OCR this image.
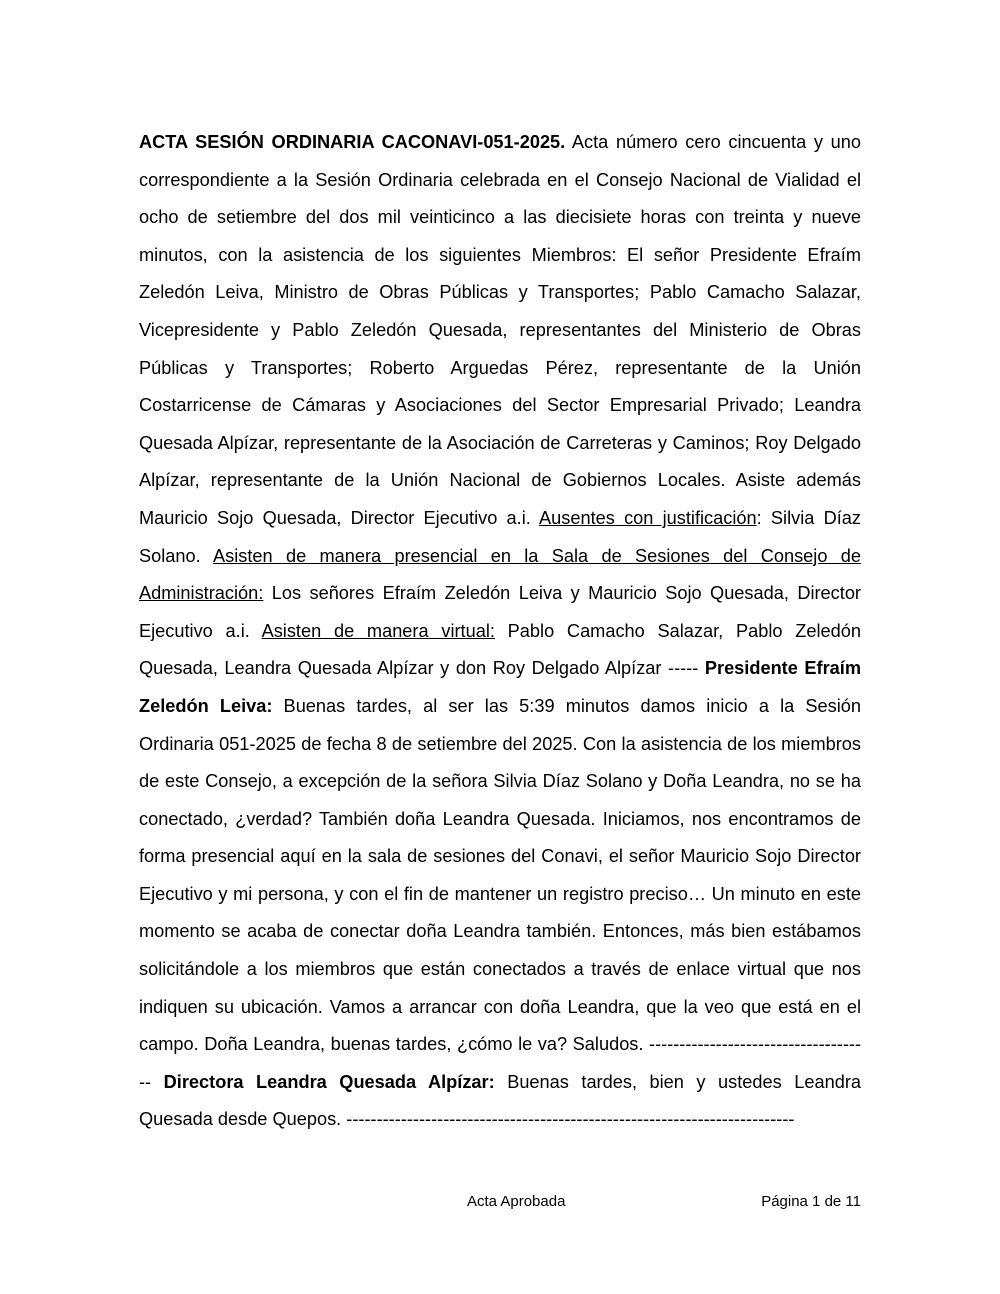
ACTA SESIÓN ORDINARIA CACONAVI-051-2025. Acta número cero cincuenta y uno correspondiente a la Sesión Ordinaria celebrada en el Consejo Nacional de Vialidad el ocho de setiembre del dos mil veinticinco a las diecisiete horas con treinta y nueve minutos, con la asistencia de los siguientes Miembros: El señor Presidente Efraím Zeledón Leiva, Ministro de Obras Públicas y Transportes; Pablo Camacho Salazar, Vicepresidente y Pablo Zeledón Quesada, representantes del Ministerio de Obras Públicas y Transportes; Roberto Arguedas Pérez, representante de la Unión Costarricense de Cámaras y Asociaciones del Sector Empresarial Privado; Leandra Quesada Alpízar, representante de la Asociación de Carreteras y Caminos; Roy Delgado Alpízar, representante de la Unión Nacional de Gobiernos Locales. Asiste además Mauricio Sojo Quesada, Director Ejecutivo a.i. Ausentes con justificación: Silvia Díaz Solano. Asisten de manera presencial en la Sala de Sesiones del Consejo de Administración: Los señores Efraím Zeledón Leiva y Mauricio Sojo Quesada, Director Ejecutivo a.i. Asisten de manera virtual: Pablo Camacho Salazar, Pablo Zeledón Quesada, Leandra Quesada Alpízar y don Roy Delgado Alpízar ----- Presidente Efraím Zeledón Leiva: Buenas tardes, al ser las 5:39 minutos damos inicio a la Sesión Ordinaria 051-2025 de fecha 8 de setiembre del 2025. Con la asistencia de los miembros de este Consejo, a excepción de la señora Silvia Díaz Solano y Doña Leandra, no se ha conectado, ¿verdad? También doña Leandra Quesada. Iniciamos, nos encontramos de forma presencial aquí en la sala de sesiones del Conavi, el señor Mauricio Sojo Director Ejecutivo y mi persona, y con el fin de mantener un registro preciso… Un minuto en este momento se acaba de conectar doña Leandra también. Entonces, más bien estábamos solicitándole a los miembros que están conectados a través de enlace virtual que nos indiquen su ubicación. Vamos a arrancar con doña Leandra, que la veo que está en el campo. Doña Leandra, buenas tardes, ¿cómo le va? Saludos. ------------------------------------- Directora Leandra Quesada Alpízar: Buenas tardes, bien y ustedes Leandra Quesada desde Quepos. --------------------------------------------------------------------------

Acta Aprobada	Página 1 de 11
